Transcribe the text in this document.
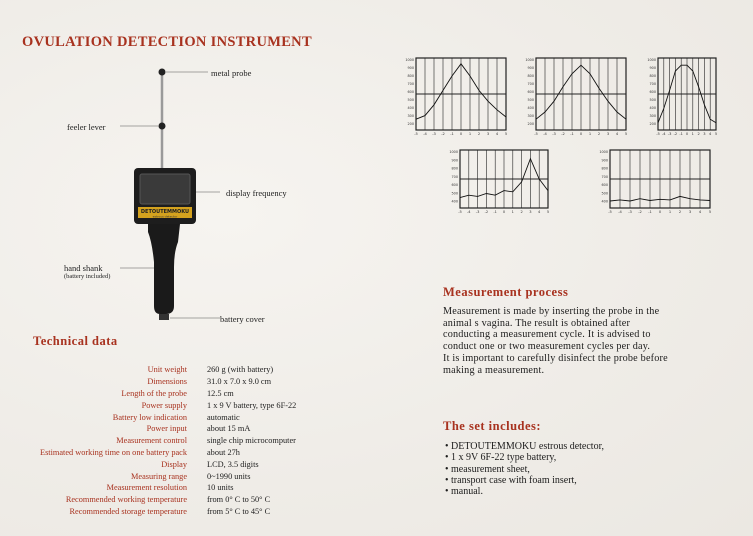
OVULATION DETECTION INSTRUMENT
DETOUTEMMOKU
estrous detector
metal probe
feeler lever
display frequency
hand shank
(battery included)
battery cover
Technical data
Unit weight	260 g (with battery)
Dimensions	31.0 x 7.0 x 9.0 cm
Length of the probe	12.5 cm
Power supply	1 x 9 V battery, type 6F-22
Battery low indication	automatic
Power input	about 15 mA
Measurement control	single chip microcomputer
Estimated working time on one battery pack	about 27h
Display	LCD, 3.5 digits
Measuring range	0~1990 units
Measurement resolution	10 units
Recommended working temperature	from 0° C to 50° C
Recommended storage temperature	from 5° C to 45° C
1000
900
800
700
600
500
400
300
200
-5 -4 -3 -2 -1 0 1 2 3 4 5
1000
900
800
700
600
500
400
300
200
-5 -4 -3 -2 -1 0 1 2 3 4 5
1000
900
800
700
600
500
400
300
200
-5 -4 -3 -2 -1 0 1 2 3 4 5
1000
900
800
700
600
500
400
-5 -4 -3 -2 -1 0 1 2 3 4 5
1000
900
800
700
600
500
400
-5 -4 -3 -2 -1 0 1 2 3 4 5
Measurement process
Measurement is made by inserting the probe in the
animal s vagina. The result is obtained after
conducting a measurement cycle. It is advised to
conduct one or two measurement cycles per day.
It is important to carefully disinfect the probe before
making a measurement.
The set includes:
• DETOUTEMMOKU estrous detector,
• 1 x 9V 6F-22 type battery,
• measurement sheet,
• transport case with foam insert,
• manual.
